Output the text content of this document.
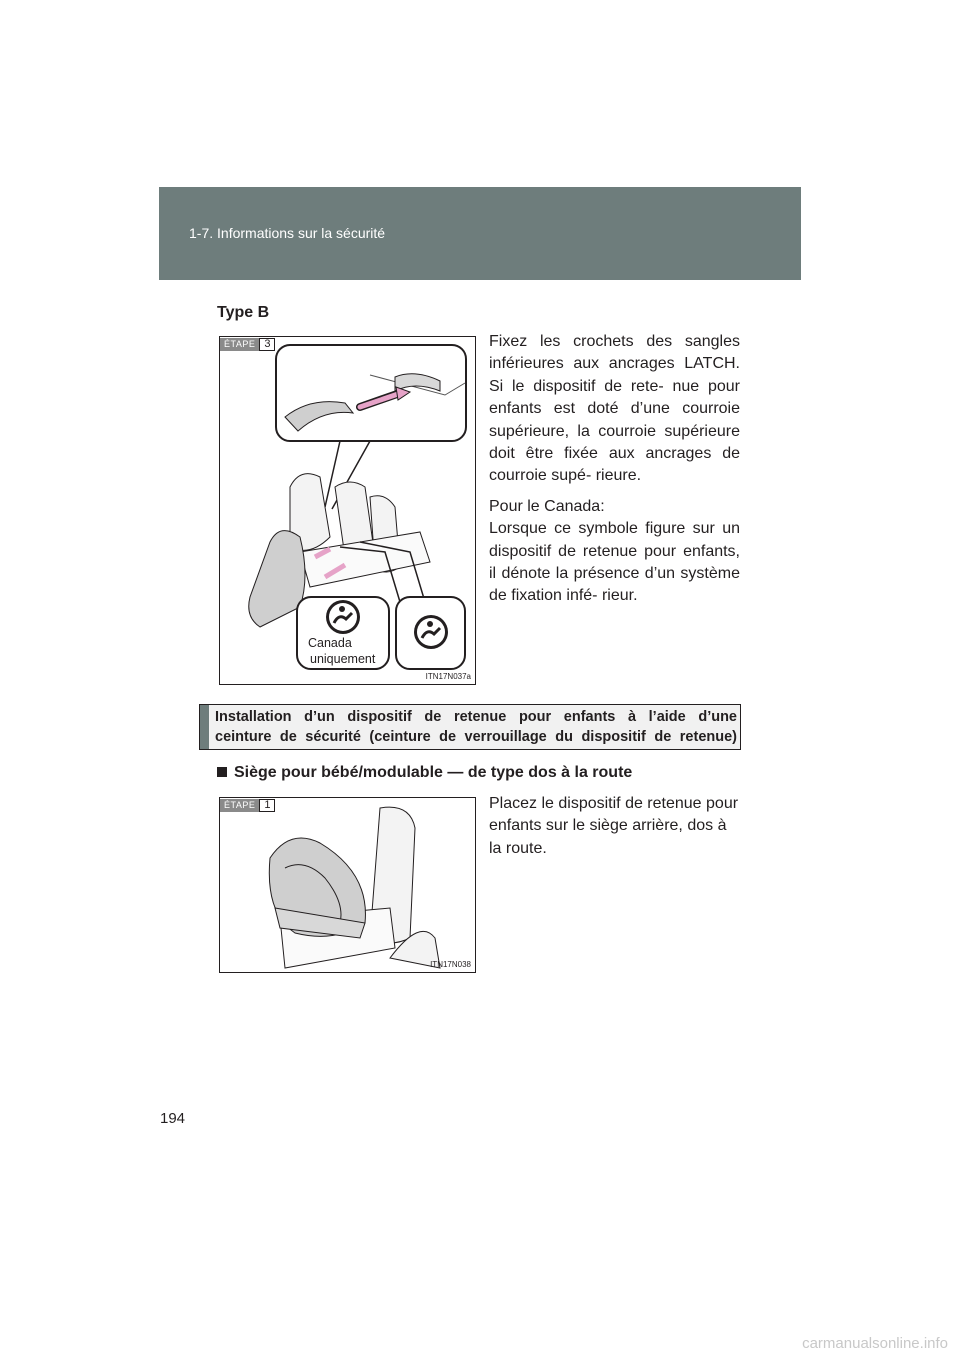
1-7. Informations sur la sécurité
Type B
ÉTAPE 3
Canada
uniquement
ITN17N037a

Fixez les crochets des sangles inférieures aux ancrages LATCH. Si le dispositif de rete- nue pour enfants est doté d’une courroie supérieure, la courroie supérieure doit être fixée aux ancrages de courroie supé- rieure.

Pour le Canada:

Lorsque ce symbole figure sur un dispositif de retenue pour enfants, il dénote la présence d’un système de fixation infé- rieur.

Installation d’un dispositif de retenue pour enfants à l’aide d’une
ceinture de sécurité (ceinture de verrouillage du dispositif de retenue)
Siège pour bébé/modulable — de type dos à la route
ÉTAPE 1
ITN17N038

Placez le dispositif de retenue pour enfants sur le siège arrière, dos à la route.

194
carmanualsonline.info
